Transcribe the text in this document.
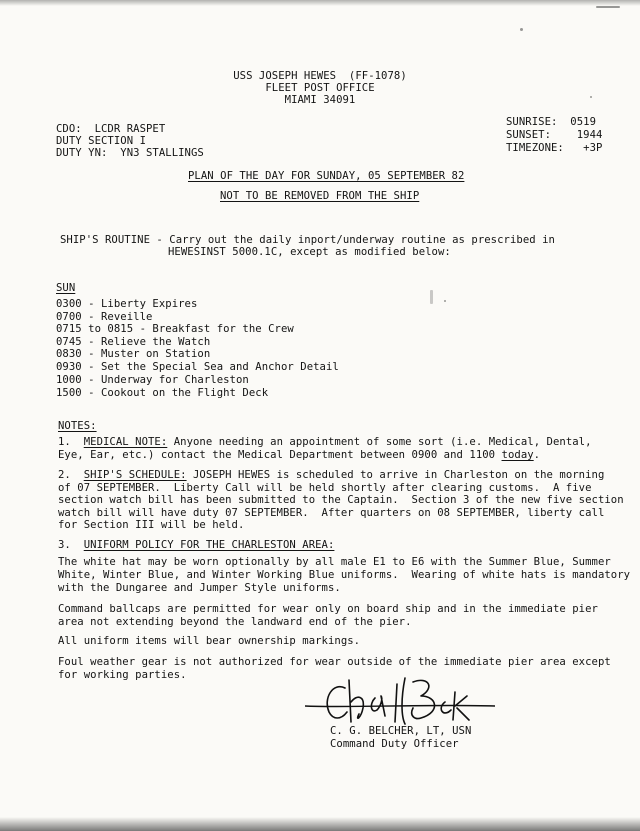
USS JOSEPH HEWES  (FF-1078)
FLEET POST OFFICE
MIAMI 34091
CDO:  LCDR RASPET
DUTY SECTION I
DUTY YN:  YN3 STALLINGS
SUNRISE:  0519
SUNSET:    1944
TIMEZONE:   +3P
PLAN OF THE DAY FOR SUNDAY, 05 SEPTEMBER 82
NOT TO BE REMOVED FROM THE SHIP
SHIP'S ROUTINE - Carry out the daily inport/underway routine as prescribed in
HEWESINST 5000.1C, except as modified below:
SUN
0300 - Liberty Expires
0700 - Reveille
0715 to 0815 - Breakfast for the Crew
0745 - Relieve the Watch
0830 - Muster on Station
0930 - Set the Special Sea and Anchor Detail
1000 - Underway for Charleston
1500 - Cookout on the Flight Deck
NOTES:
1. MEDICAL NOTE: Anyone needing an appointment of some sort (i.e. Medical, Dental,
Eye, Ear, etc.) contact the Medical Department between 0900 and 1100 today.
2. SHIP'S SCHEDULE: JOSEPH HEWES is scheduled to arrive in Charleston on the morning
of 07 SEPTEMBER.  Liberty Call will be held shortly after clearing customs.  A five
section watch bill has been submitted to the Captain.  Section 3 of the new five section
watch bill will have duty 07 SEPTEMBER.  After quarters on 08 SEPTEMBER, liberty call
for Section III will be held.
3. UNIFORM POLICY FOR THE CHARLESTON AREA:
The white hat may be worn optionally by all male E1 to E6 with the Summer Blue, Summer
White, Winter Blue, and Winter Working Blue uniforms.  Wearing of white hats is mandatory
with the Dungaree and Jumper Style uniforms.
Command ballcaps are permitted for wear only on board ship and in the immediate pier
area not extending beyond the landward end of the pier.
All uniform items will bear ownership markings.
Foul weather gear is not authorized for wear outside of the immediate pier area except
for working parties.
C. G. BELCHER, LT, USN
Command Duty Officer
